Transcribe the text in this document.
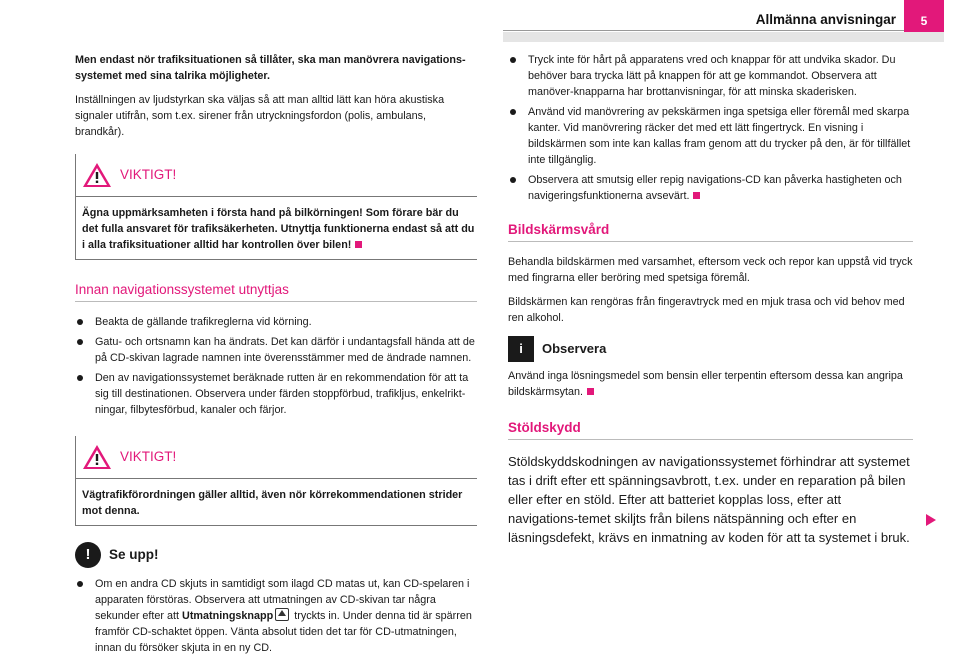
Allmänna anvisningar	5

Men endast nör trafiksituationen så tillåter, ska man manövrera navigations-systemet med sina talrika möjligheter.

Inställningen av ljudstyrkan ska väljas så att man alltid lätt kan höra akustiska signaler utifrån, som t.ex. sirener från utryckningsfordon (polis, ambulans, brandkår).

VIKTIGT!

Ägna uppmärksamheten i första hand på bilkörningen! Som förare bär du det fulla ansvaret för trafiksäkerheten. Utnyttja funktionerna endast så att du i alla trafiksituationer alltid har kontrollen över bilen!

Innan navigationssystemet utnyttjas
Beakta de gällande trafikreglerna vid körning.
Gatu- och ortsnamn kan ha ändrats. Det kan därför i undantagsfall hända att de på CD-skivan lagrade namnen inte överensstämmer med de ändrade namnen.
Den av navigationssystemet beräknade rutten är en rekommendation för att ta sig till destinationen. Observera under färden stoppförbud, trafikljus, enkelrikt-ningar, filbytesförbud, kanaler och färjor.
VIKTIGT!

Vägtrafikförordningen gäller alltid, även nör körrekommendationen strider mot denna.

!	Se upp!
Om en andra CD skjuts in samtidigt som ilagd CD matas ut, kan CD-spelaren i apparaten förstöras. Observera att utmatningen av CD-skivan tar några sekunder efter att Utmatningsknapp tryckts in. Under denna tid är spärren framför CD-schaktet öppen. Vänta absolut tiden det tar för CD-utmatningen, innan du försöker skjuta in en ny CD.
Tryck inte för hårt på apparatens vred och knappar för att undvika skador. Du behöver bara trycka lätt på knappen för att ge kommandot. Observera att manöver-knapparna har brottanvisningar, för att minska skaderisken.
Använd vid manövrering av pekskärmen inga spetsiga eller föremål med skarpa kanter. Vid manövrering räcker det med ett lätt fingertryck. En visning i bildskärmen som inte kan kallas fram genom att du trycker på den, är för tillfället inte tillgänglig.
Observera att smutsig eller repig navigations-CD kan påverka hastigheten och navigeringsfunktionerna avsevärt.
Bildskärmsvård

Behandla bildskärmen med varsamhet, eftersom veck och repor kan uppstå vid tryck med fingrarna eller beröring med spetsiga föremål.

Bildskärmen kan rengöras från fingeravtryck med en mjuk trasa och vid behov med ren alkohol.

i	Observera

Använd inga lösningsmedel som bensin eller terpentin eftersom dessa kan angripa bildskärmsytan.

Stöldskydd

Stöldskyddskodningen av navigationssystemet förhindrar att systemet tas i drift efter ett spänningsavbrott, t.ex. under en reparation på bilen eller efter en stöld. Efter att batteriet kopplas loss, efter att navigations-temet skiljts från bilens nätspänning och efter en läsningsdefekt, krävs en inmatning av koden för att ta systemet i bruk.
